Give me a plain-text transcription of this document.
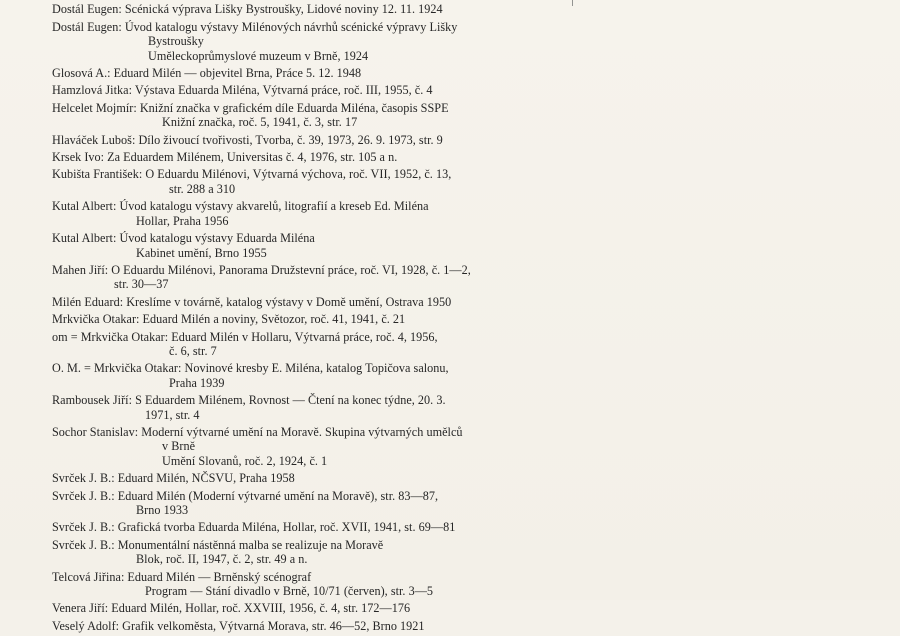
Dostál Eugen: Scénická výprava Lišky Bystroušky, Lidové noviny 12. 11. 1924
Dostál Eugen: Úvod katalogu výstavy Milénových návrhů scénické výpravy Lišky
Bystroušky
Uměleckoprůmyslové muzeum v Brně, 1924
Glosová A.: Eduard Milén — objevitel Brna, Práce 5. 12. 1948
Hamzlová Jitka: Výstava Eduarda Miléna, Výtvarná práce, roč. III, 1955, č. 4
Helcelet Mojmír: Knižní značka v grafickém díle Eduarda Miléna, časopis SSPE
Knižní značka, roč. 5, 1941, č. 3, str. 17
Hlaváček Luboš: Dílo živoucí tvořivosti, Tvorba, č. 39, 1973, 26. 9. 1973, str. 9
Krsek Ivo: Za Eduardem Milénem, Universitas č. 4, 1976, str. 105 a n.
Kubišta František: O Eduardu Milénovi, Výtvarná výchova, roč. VII, 1952, č. 13,
str. 288 a 310
Kutal Albert: Úvod katalogu výstavy akvarelů, litografií a kreseb Ed. Miléna
Hollar, Praha 1956
Kutal Albert: Úvod katalogu výstavy Eduarda Miléna
Kabinet umění, Brno 1955
Mahen Jiří: O Eduardu Milénovi, Panorama Družstevní práce, roč. VI, 1928, č. 1—2,
str. 30—37
Milén Eduard: Kreslíme v továrně, katalog výstavy v Domě umění, Ostrava 1950
Mrkvička Otakar: Eduard Milén a noviny, Světozor, roč. 41, 1941, č. 21
om = Mrkvička Otakar: Eduard Milén v Hollaru, Výtvarná práce, roč. 4, 1956,
č. 6, str. 7
O. M. = Mrkvička Otakar: Novinové kresby E. Miléna, katalog Topičova salonu,
Praha 1939
Rambousek Jiří: S Eduardem Milénem, Rovnost — Čtení na konec týdne, 20. 3.
1971, str. 4
Sochor Stanislav: Moderní výtvarné umění na Moravě. Skupina výtvarných umělců
v Brně
Umění Slovanů, roč. 2, 1924, č. 1
Svrček J. B.: Eduard Milén, NČSVU, Praha 1958
Svrček J. B.: Eduard Milén (Moderní výtvarné umění na Moravě), str. 83—87,
Brno 1933
Svrček J. B.: Grafická tvorba Eduarda Miléna, Hollar, roč. XVII, 1941, st. 69—81
Svrček J. B.: Monumentální nástěnná malba se realizuje na Moravě
Blok, roč. II, 1947, č. 2, str. 49 a n.
Telcová Jiřina: Eduard Milén — Brněnský scénograf
Program — Stání divadlo v Brně, 10/71 (červen), str. 3—5
Venera Jiří: Eduard Milén, Hollar, roč. XXVIII, 1956, č. 4, str. 172—176
Veselý Adolf: Grafik velkoměsta, Výtvarná Morava, str. 46—52, Brno 1921
